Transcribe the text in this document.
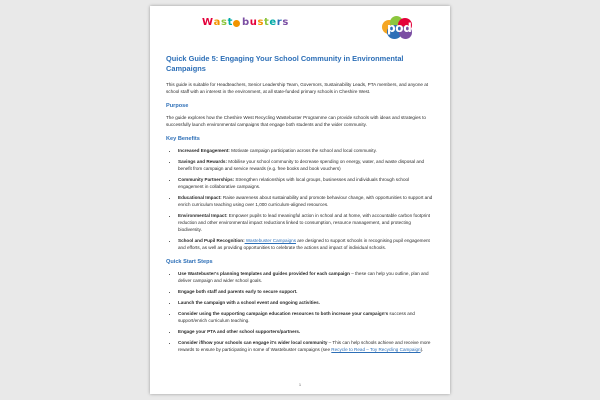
W a s t b u s t e r s	pod
Quick Guide 5: Engaging Your School Community in Environmental Campaigns

This guide is suitable for Headteachers, Senior Leadership Team, Governors, Sustainability Leads, PTA members, and anyone at school staff with an interest in the environment, at all state-funded primary schools in Cheshire West.

Purpose

The guide explores how the Cheshire West Recycling Wastebuster Programme can provide schools with ideas and strategies to successfully launch environmental campaigns that engage both students and the wider community.

Key Benefits
• Increased Engagement: Motivate campaign participation across the school and local community.
• Savings and Rewards: Mobilise your school community to decrease spending on energy, water, and waste disposal and benefit from campaign and service rewards (e.g. free books and book vouchers)
• Community Partnerships: Strengthen relationships with local groups, businesses and individuals through school engagement in collaborative campaigns.
• Educational Impact: Raise awareness about sustainability and promote behaviour change, with opportunities to support and enrich curriculum teaching using over 1,000 curriculum-aligned resources.
• Environmental Impact: Empower pupils to lead meaningful action in school and at home, with accountable carbon footprint reduction and other environmental impact reductions linked to consumption, resource management, and protecting biodiversity.
• School and Pupil Recognition: Wastebuster Campaigns are designed to support schools in recognising pupil engagement and efforts, as well as providing opportunities to celebrate the actions and impact of individual schools.
Quick Start Steps
• Use Wastebuster's planning templates and guides provided for each campaign – these can help you outline, plan and deliver campaign and wider school goals.
• Engage both staff and parents early to secure support.
• Launch the campaign with a school event and ongoing activities.
• Consider using the supporting campaign education resources to both increase your campaign's success and support/enrich curriculum teaching.
• Engage your PTA and other school supporters/partners.
• Consider if/how your schools can engage it's wider local community – This can help schools achieve and receive more rewards to ensure by participating in some of Wastebuster campaigns (see Recycle to Read – Toy Recycling Campaign).
1
